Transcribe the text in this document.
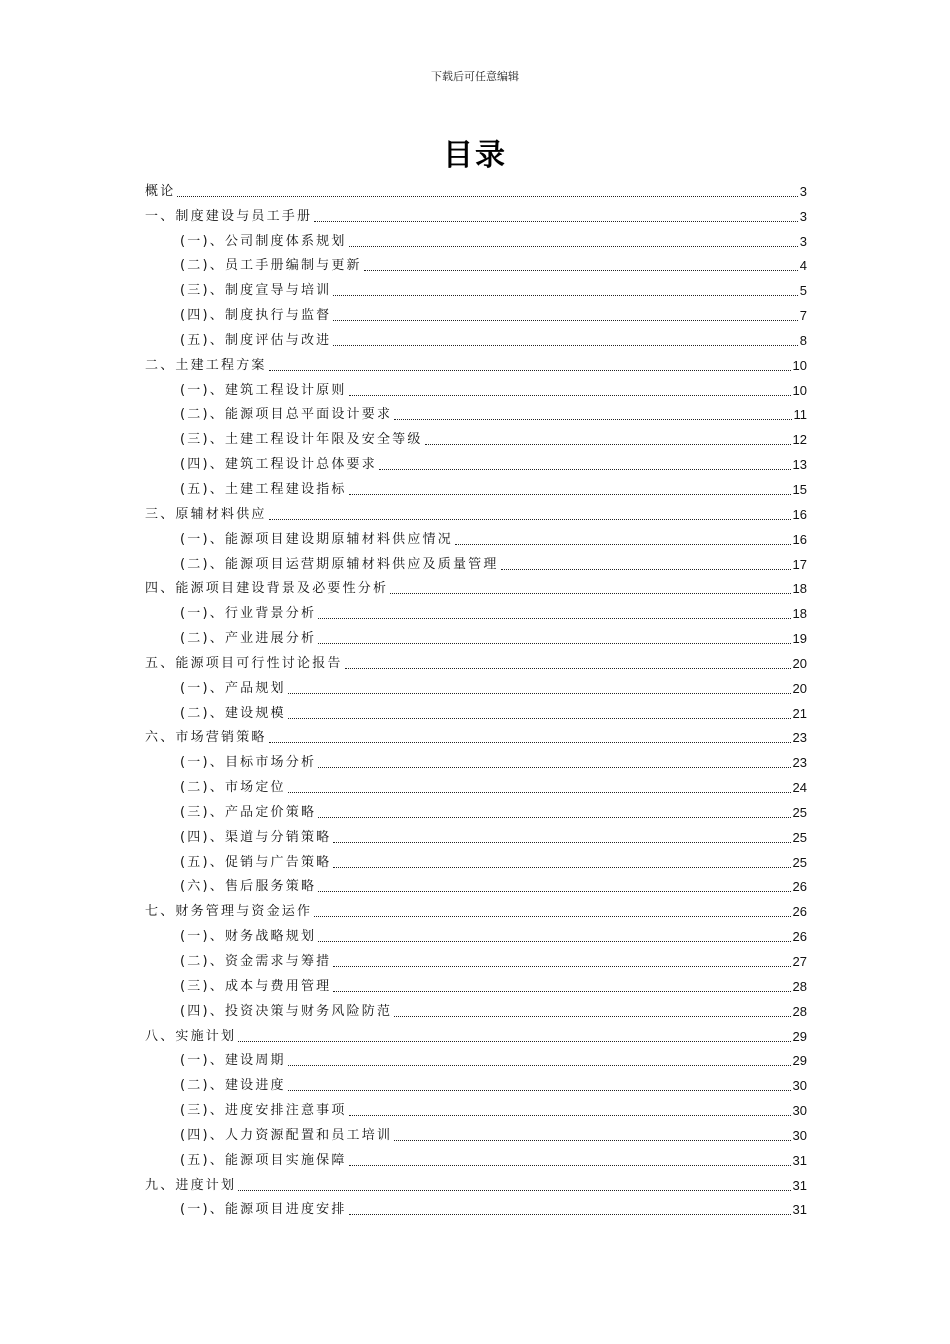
下载后可任意编辑
目录
概论	3
一、制度建设与员工手册	3
(一)、公司制度体系规划	3
(二)、员工手册编制与更新	4
(三)、制度宣导与培训	5
(四)、制度执行与监督	7
(五)、制度评估与改进	8
二、土建工程方案	10
(一)、建筑工程设计原则	10
(二)、能源项目总平面设计要求	11
(三)、土建工程设计年限及安全等级	12
(四)、建筑工程设计总体要求	13
(五)、土建工程建设指标	15
三、原辅材料供应	16
(一)、能源项目建设期原辅材料供应情况	16
(二)、能源项目运营期原辅材料供应及质量管理	17
四、能源项目建设背景及必要性分析	18
(一)、行业背景分析	18
(二)、产业进展分析	19
五、能源项目可行性讨论报告	20
(一)、产品规划	20
(二)、建设规模	21
六、市场营销策略	23
(一)、目标市场分析	23
(二)、市场定位	24
(三)、产品定价策略	25
(四)、渠道与分销策略	25
(五)、促销与广告策略	25
(六)、售后服务策略	26
七、财务管理与资金运作	26
(一)、财务战略规划	26
(二)、资金需求与筹措	27
(三)、成本与费用管理	28
(四)、投资决策与财务风险防范	28
八、实施计划	29
(一)、建设周期	29
(二)、建设进度	30
(三)、进度安排注意事项	30
(四)、人力资源配置和员工培训	30
(五)、能源项目实施保障	31
九、进度计划	31
(一)、能源项目进度安排	31
